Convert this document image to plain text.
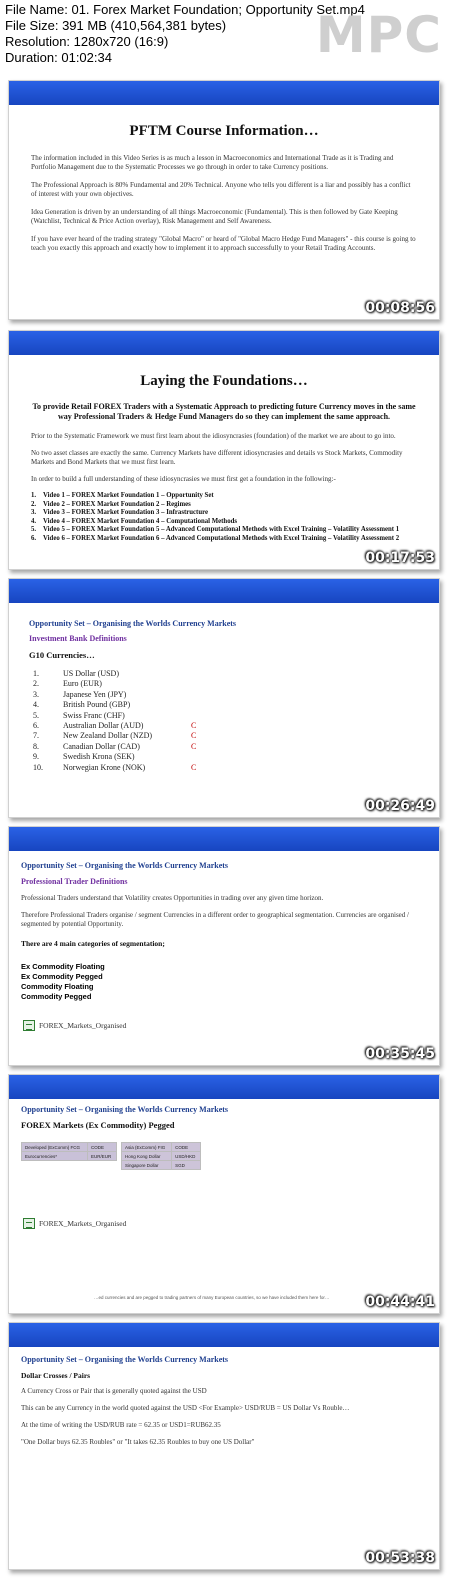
File Name: 01. Forex Market Foundation; Opportunity Set.mp4
File Size: 391 MB (410,564,381 bytes)
Resolution: 1280x720 (16:9)
Duration: 01:02:34	MPC
PFTM Course Information…
The information included in this Video Series is as much a lesson in Macroeconomics and International Trade as it is Trading and Portfolio Management due to the Systematic Processes we go through in order to take Currency positions.
The Professional Approach is 80% Fundamental and 20% Technical. Anyone who tells you different is a liar and possibly has a conflict of interest with your own objectives.
Idea Generation is driven by an understanding of all things Macroeconomic (Fundamental). This is then followed by Gate Keeping (Watchlist, Technical & Price Action overlay), Risk Management and Self Awareness.
If you have ever heard of the trading strategy "Global Macro" or heard of "Global Macro Hedge Fund Managers" - this course is going to teach you exactly this approach and exactly how to implement it to approach successfully to your Retail Trading Accounts.
00:08:56
Laying the Foundations…
To provide Retail FOREX Traders with a Systematic Approach to predicting future Currency moves in the same way Professional Traders & Hedge Fund Managers do so they can implement the same approach.
Prior to the Systematic Framework we must first learn about the idiosyncrasies (foundation) of the market we are about to go into.
No two asset classes are exactly the same. Currency Markets have different idiosyncrasies and details vs Stock Markets, Commodity Markets and Bond Markets that we must first learn.
In order to build a full understanding of these idiosyncrasies we must first get a foundation in the following:-
1. Video 1 – FOREX Market Foundation 1 – Opportunity Set
2. Video 2 – FOREX Market Foundation 2 – Regimes
3. Video 3 – FOREX Market Foundation 3 – Infrastructure
4. Video 4 – FOREX Market Foundation 4 – Computational Methods
5. Video 5 – FOREX Market Foundation 5 – Advanced Computational Methods with Excel Training – Volatility Assessment 1
6. Video 6 – FOREX Market Foundation 6 – Advanced Computational Methods with Excel Training – Volatility Assessment 2
00:17:53
Opportunity Set – Organising the Worlds Currency Markets
Investment Bank Definitions
G10 Currencies…
1.	US Dollar (USD)
2.	Euro (EUR)
3.	Japanese Yen (JPY)
4.	British Pound (GBP)
5.	Swiss Franc (CHF)
6.	Australian Dollar (AUD)	C
7.	New Zealand Dollar (NZD)	C
8.	Canadian Dollar (CAD)	C
9.	Swedish Krona (SEK)
10.	Norwegian Krone (NOK)	C
00:26:49
Opportunity Set – Organising the Worlds Currency Markets
Professional Trader Definitions
Professional Traders understand that Volatility creates Opportunities in trading over any given time horizon.
Therefore Professional Traders organise / segment Currencies in a different order to geographical segmentation. Currencies are organised / segmented by potential Opportunity.
There are 4 main categories of segmentation;
Ex Commodity Floating
Ex Commodity Pegged
Commodity Floating
Commodity Pegged
FOREX_Markets_Organised
00:35:45
Opportunity Set – Organising the Worlds Currency Markets
FOREX Markets (Ex Commodity) Pegged
Developed (ExComm) FCG	CODE
Eurocurrencies*	EUR/EUR
Asia (ExComm) FIG	CODE
Hong Kong Dollar	USD/HKD
Singapore Dollar	SGD
FOREX_Markets_Organised
…ed currencies and are pegged to trading partners of many European countries, so we have included them here for…	00:44:41
Opportunity Set – Organising the Worlds Currency Markets
Dollar Crosses / Pairs
A Currency Cross or Pair that is generally quoted against the USD
This can be any Currency in the world quoted against the USD <For Example> USD/RUB = US Dollar Vs Rouble…
At the time of writing the USD/RUB rate = 62.35 or USD1=RUB62.35
"One Dollar buys 62.35 Roubles" or "It takes 62.35 Roubles to buy one US Dollar"
00:53:38
